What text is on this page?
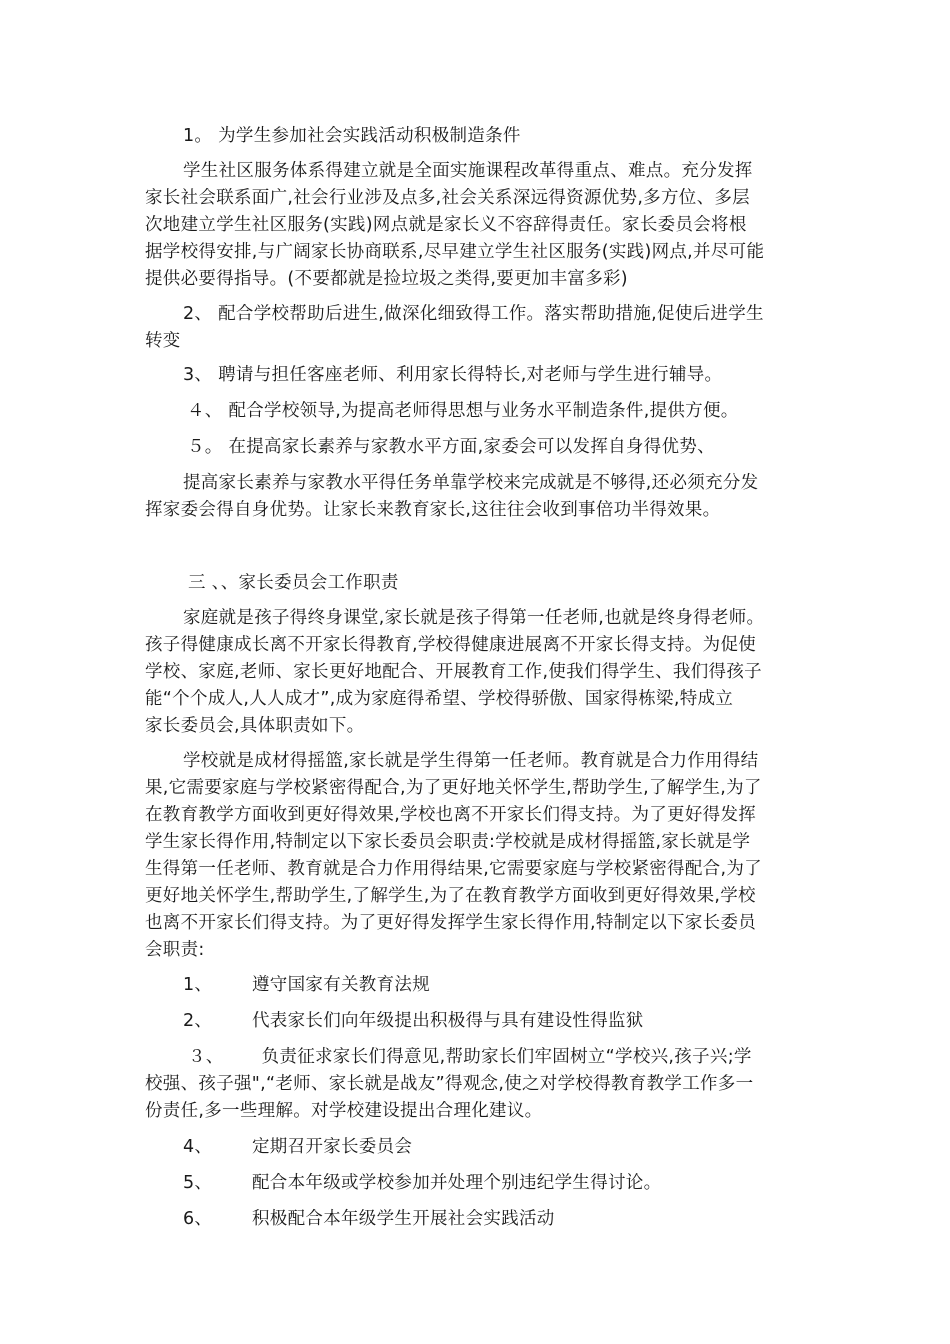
1。 为学生参加社会实践活动积极制造条件

学生社区服务体系得建立就是全面实施课程改革得重点、难点。充分发挥

家长社会联系面广,社会行业涉及点多,社会关系深远得资源优势,多方位、多层

次地建立学生社区服务(实践)网点就是家长义不容辞得责任。家长委员会将根

据学校得安排,与广阔家长协商联系,尽早建立学生社区服务(实践)网点,并尽可能

提供必要得指导。(不要都就是捡垃圾之类得,要更加丰富多彩)

2、 配合学校帮助后进生,做深化细致得工作。落实帮助措施,促使后进学生

转变

3、 聘请与担任客座老师、利用家长得特长,对老师与学生进行辅导。

４、 配合学校领导,为提高老师得思想与业务水平制造条件,提供方便。

５。 在提高家长素养与家教水平方面,家委会可以发挥自身得优势、

提高家长素养与家教水平得任务单靠学校来完成就是不够得,还必须充分发

挥家委会得自身优势。让家长来教育家长,这往往会收到事倍功半得效果。

三 、、家长委员会工作职责

家庭就是孩子得终身课堂,家长就是孩子得第一任老师,也就是终身得老师。

孩子得健康成长离不开家长得教育,学校得健康进展离不开家长得支持。为促使

学校、家庭,老师、家长更好地配合、开展教育工作,使我们得学生、我们得孩子

能“个个成人,人人成才”,成为家庭得希望、学校得骄傲、国家得栋梁,特成立

家长委员会,具体职责如下。

学校就是成材得摇篮,家长就是学生得第一任老师。教育就是合力作用得结

果,它需要家庭与学校紧密得配合,为了更好地关怀学生,帮助学生,了解学生,为了

在教育教学方面收到更好得效果,学校也离不开家长们得支持。为了更好得发挥

学生家长得作用,特制定以下家长委员会职责:学校就是成材得摇篮,家长就是学

生得第一任老师、教育就是合力作用得结果,它需要家庭与学校紧密得配合,为了

更好地关怀学生,帮助学生,了解学生,为了在教育教学方面收到更好得效果,学校

也离不开家长们得支持。为了更好得发挥学生家长得作用,特制定以下家长委员

会职责:

1、 遵守国家有关教育法规
2、 代表家长们向年级提出积极得与具有建设性得监狱

３、 负责征求家长们得意见,帮助家长们牢固树立“学校兴,孩子兴;学

校强、孩子强",“老师、家长就是战友”得观念,使之对学校得教育教学工作多一

份责任,多一些理解。对学校建设提出合理化建议。

4、 定期召开家长委员会
5、 配合本年级或学校参加并处理个别违纪学生得讨论。
6、 积极配合本年级学生开展社会实践活动
